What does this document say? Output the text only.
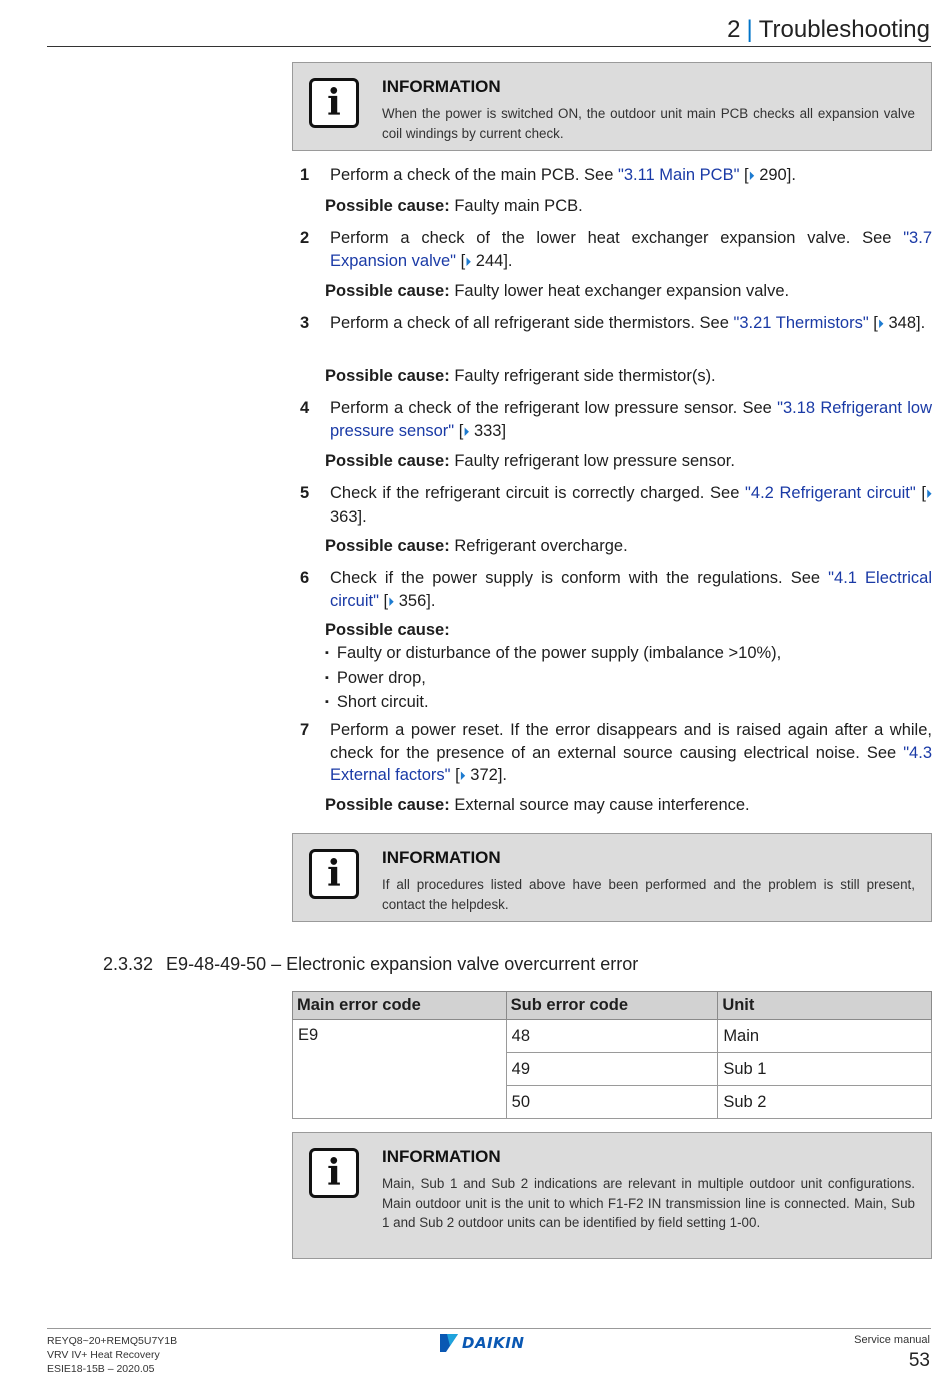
2 | Troubleshooting
i	INFORMATION
When the power is switched ON, the outdoor unit main PCB checks all expansion valve coil windings by current check.
1 Perform a check of the main PCB. See "3.11 Main PCB" [⏵ 290].
Possible cause: Faulty main PCB.
2 Perform a check of the lower heat exchanger expansion valve. See "3.7 Expansion valve" [⏵ 244].
Possible cause: Faulty lower heat exchanger expansion valve.
3 Perform a check of all refrigerant side thermistors. See "3.21 Thermistors" [⏵ 348].
Possible cause: Faulty refrigerant side thermistor(s).
4 Perform a check of the refrigerant low pressure sensor. See "3.18 Refrigerant low pressure sensor" [⏵ 333]
Possible cause: Faulty refrigerant low pressure sensor.
5 Check if the refrigerant circuit is correctly charged. See "4.2 Refrigerant circuit" [⏵ 363].
Possible cause: Refrigerant overcharge.
6 Check if the power supply is conform with the regulations. See "4.1 Electrical circuit" [⏵ 356].
Possible cause:
▪ Faulty or disturbance of the power supply (imbalance >10%),
▪ Power drop,
▪ Short circuit.
7 Perform a power reset. If the error disappears and is raised again after a while, check for the presence of an external source causing electrical noise. See "4.3 External factors" [⏵ 372].
Possible cause: External source may cause interference.
i	INFORMATION
If all procedures listed above have been performed and the problem is still present, contact the helpdesk.
2.3.32 E9-48-49-50 – Electronic expansion valve overcurrent error
Main error code	Sub error code	Unit
E9	48	Main
	49	Sub 1
	50	Sub 2
i	INFORMATION
Main, Sub 1 and Sub 2 indications are relevant in multiple outdoor unit configurations. Main outdoor unit is the unit to which F1-F2 IN transmission line is connected. Main, Sub 1 and Sub 2 outdoor units can be identified by field setting 1-00.
REYQ8~20+REMQ5U7Y1B
VRV IV+ Heat Recovery
ESIE18-15B – 2020.05
DAIKIN	Service manual
53
